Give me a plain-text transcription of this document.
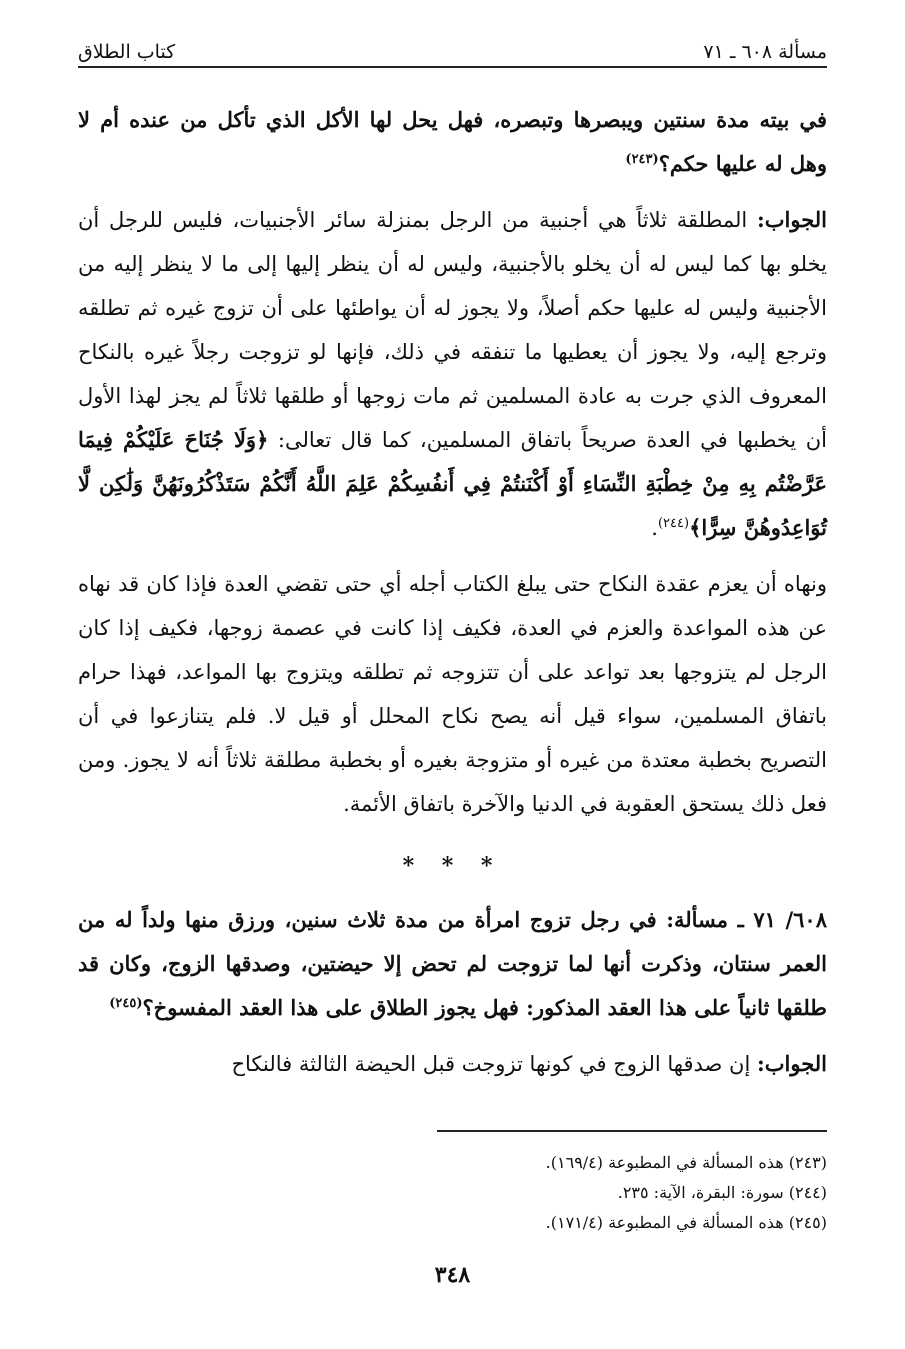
مسألة ٦٠٨ ـ ٧١
كتاب الطلاق

في بيته مدة سنتين ويبصرها وتبصره، فهل يحل لها الأكل الذي تأكل من عنده أم لا وهل له عليها حكم؟$^{(٢٤٣)}$

الجواب: المطلقة ثلاثاً هي أجنبية من الرجل بمنزلة سائر الأجنبيات، فليس للرجل أن يخلو بها كما ليس له أن يخلو بالأجنبية، وليس له أن ينظر إليها إلى ما لا ينظر إليه من الأجنبية وليس له عليها حكم أصلاً، ولا يجوز له أن يواطئها على أن تزوج غيره ثم تطلقه وترجع إليه، ولا يجوز أن يعطيها ما تنفقه في ذلك، فإنها لو تزوجت رجلاً غيره بالنكاح المعروف الذي جرت به عادة المسلمين ثم مات زوجها أو طلقها ثلاثاً لم يجز لهذا الأول أن يخطبها في العدة صريحاً باتفاق المسلمين، كما قال تعالى: ﴿وَلَا جُنَاحَ عَلَيْكُمْ فِيمَا عَرَّضْتُم بِهِ مِنْ خِطْبَةِ النِّسَاءِ أَوْ أَكْنَنتُمْ فِي أَنفُسِكُمْ عَلِمَ اللَّهُ أَنَّكُمْ سَتَذْكُرُونَهُنَّ وَلَٰكِن لَّا تُوَاعِدُوهُنَّ سِرًّا﴾$^{(٢٤٤)}$.

ونهاه أن يعزم عقدة النكاح حتى يبلغ الكتاب أجله أي حتى تقضي العدة فإذا كان قد نهاه عن هذه المواعدة والعزم في العدة، فكيف إذا كانت في عصمة زوجها، فكيف إذا كان الرجل لم يتزوجها بعد تواعد على أن تتزوجه ثم تطلقه ويتزوج بها المواعد، فهذا حرام باتفاق المسلمين، سواء قيل أنه يصح نكاح المحلل أو قيل لا. فلم يتنازعوا في أن التصريح بخطبة معتدة من غيره أو متزوجة بغيره أو بخطبة مطلقة ثلاثاً أنه لا يجوز. ومن فعل ذلك يستحق العقوبة في الدنيا والآخرة باتفاق الأئمة.

* * *

٦٠٨/ ٧١ ـ مسألة: في رجل تزوج امرأة من مدة ثلاث سنين، ورزق منها ولداً له من العمر سنتان، وذكرت أنها لما تزوجت لم تحض إلا حيضتين، وصدقها الزوج، وكان قد طلقها ثانياً على هذا العقد المذكور: فهل يجوز الطلاق على هذا العقد المفسوخ؟$^{(٢٤٥)}$

الجواب: إن صدقها الزوج في كونها تزوجت قبل الحيضة الثالثة فالنكاح

(٢٤٣) هذه المسألة في المطبوعة (١٦٩/٤).

(٢٤٤) سورة: البقرة، الآية: ٢٣٥.

(٢٤٥) هذه المسألة في المطبوعة (١٧١/٤).

٣٤٨
